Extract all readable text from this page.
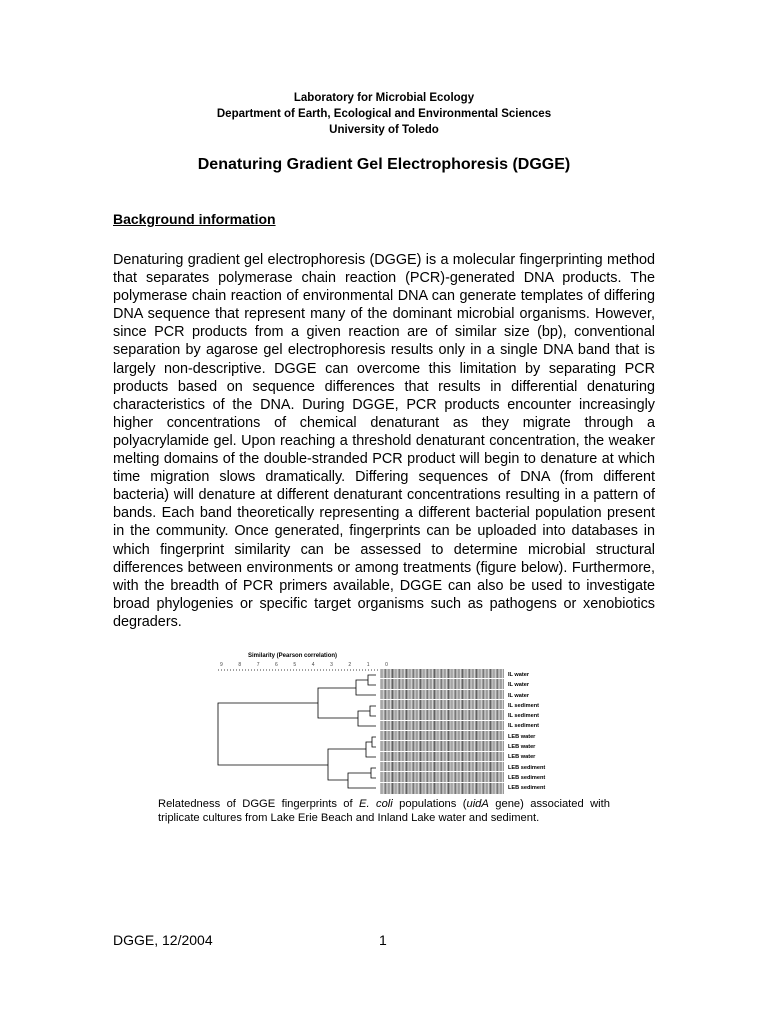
Laboratory for Microbial Ecology
Department of Earth, Ecological and Environmental Sciences
University of Toledo
Denaturing Gradient Gel Electrophoresis (DGGE)
Background information

Denaturing gradient gel electrophoresis (DGGE) is a molecular fingerprinting method that separates polymerase chain reaction (PCR)-generated DNA products. The polymerase chain reaction of environmental DNA can generate templates of differing DNA sequence that represent many of the dominant microbial organisms. However, since PCR products from a given reaction are of similar size (bp), conventional separation by agarose gel electrophoresis results only in a single DNA band that is largely non-descriptive. DGGE can overcome this limitation by separating PCR products based on sequence differences that results in differential denaturing characteristics of the DNA. During DGGE, PCR products encounter increasingly higher concentrations of chemical denaturant as they migrate through a polyacrylamide gel. Upon reaching a threshold denaturant concentration, the weaker melting domains of the double-stranded PCR product will begin to denature at which time migration slows dramatically. Differing sequences of DNA (from different bacteria) will denature at different denaturant concentrations resulting in a pattern of bands. Each band theoretically representing a different bacterial population present in the community. Once generated, fingerprints can be uploaded into databases in which fingerprint similarity can be assessed to determine microbial structural differences between environments or among treatments (figure below). Furthermore, with the breadth of PCR primers available, DGGE can also be used to investigate broad phylogenies or specific target organisms such as pathogens or xenobiotics degraders.

Similarity (Pearson correlation)
9	8	7	6	5	4	3	2	1	0
IL water
IL water
IL water
IL sediment
IL sediment
IL sediment
LEB water
LEB water
LEB water
LEB sediment
LEB sediment
LEB sediment

Relatedness of DGGE fingerprints of E. coli populations (uidA gene) associated with triplicate cultures from Lake Erie Beach and Inland Lake water and sediment.

DGGE, 12/2004	1
